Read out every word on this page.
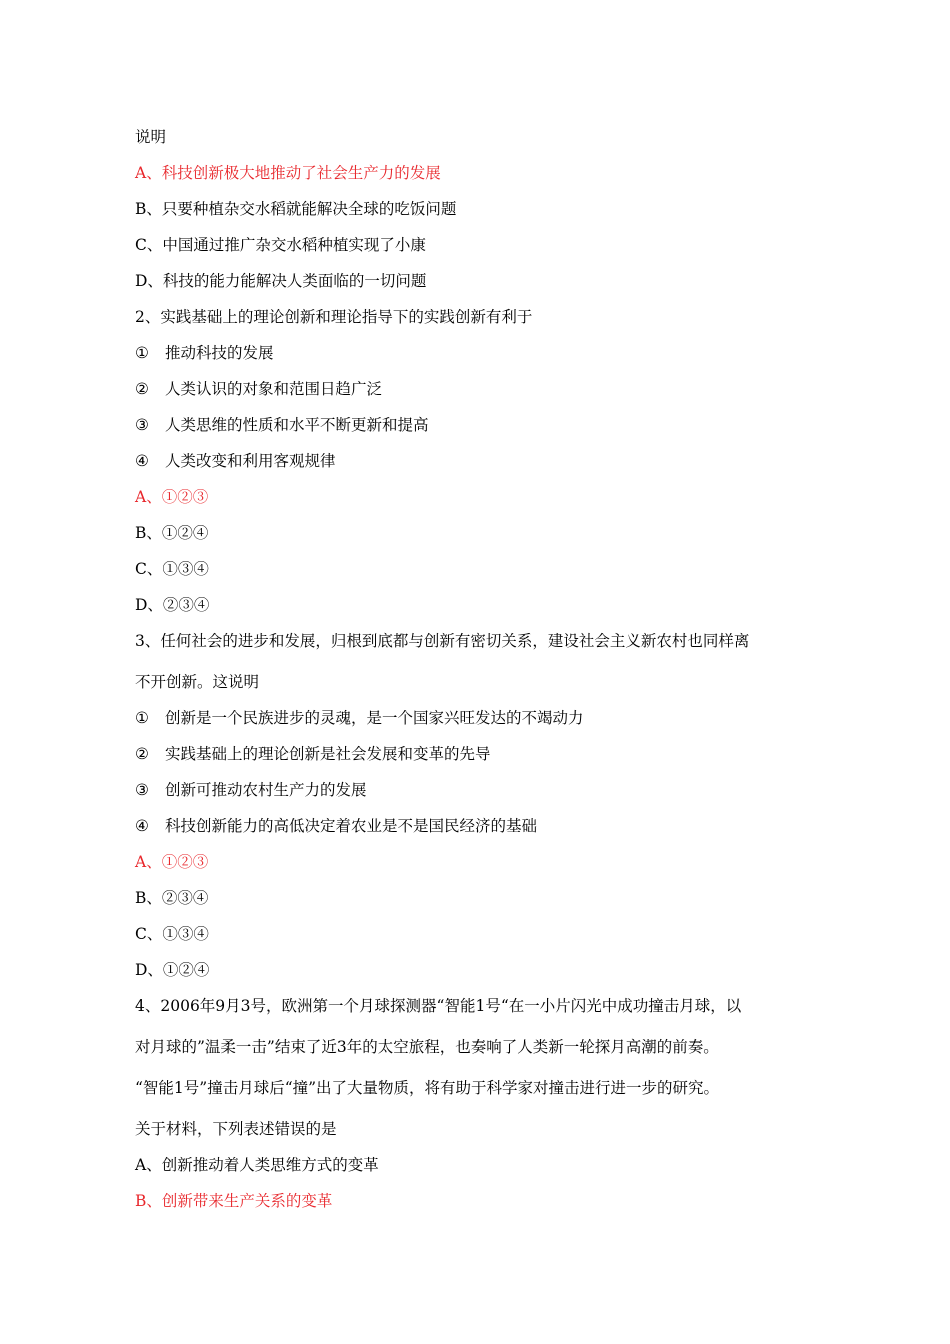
说明
A、科技创新极大地推动了社会生产力的发展
B、只要种植杂交水稻就能解决全球的吃饭问题
C、中国通过推广杂交水稻种植实现了小康
D、科技的能力能解决人类面临的一切问题
2、实践基础上的理论创新和理论指导下的实践创新有利于
① 推动科技的发展
② 人类认识的对象和范围日趋广泛
③ 人类思维的性质和水平不断更新和提高
④ 人类改变和利用客观规律
A、①②③
B、①②④
C、①③④
D、②③④
3、任何社会的进步和发展，归根到底都与创新有密切关系，建设社会主义新农村也同样离
不开创新。这说明
① 创新是一个民族进步的灵魂，是一个国家兴旺发达的不竭动力
② 实践基础上的理论创新是社会发展和变革的先导
③ 创新可推动农村生产力的发展
④ 科技创新能力的高低决定着农业是不是国民经济的基础
A、①②③
B、②③④
C、①③④
D、①②④
4、2006年9月3号，欧洲第一个月球探测器“智能1号“在一小片闪光中成功撞击月球，以
对月球的”温柔一击”结束了近3年的太空旅程，也奏响了人类新一轮探月高潮的前奏。
“智能1号”撞击月球后“撞”出了大量物质，将有助于科学家对撞击进行进一步的研究。
关于材料，下列表述错误的是
A、创新推动着人类思维方式的变革
B、创新带来生产关系的变革
